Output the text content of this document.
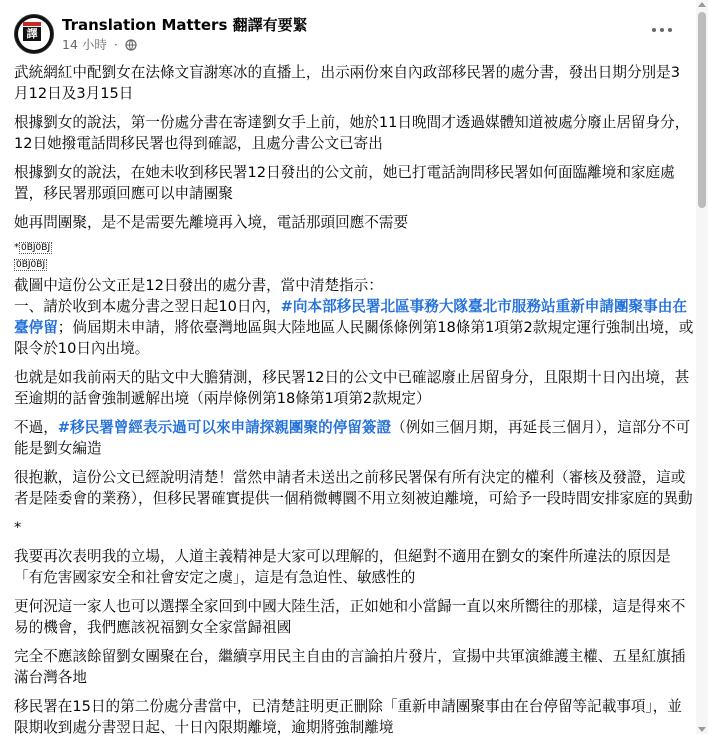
譯 Translation Matters 翻譯有要緊
14 小時 ·

武統網紅中配劉女在法條文盲謝寒冰的直播上，出示兩份來自內政部移民署的處分書，發出日期分別是3月12日及3月15日

根據劉女的說法，第一份處分書在寄達劉女手上前，她於11日晚間才透過媒體知道被處分廢止居留身分，12日她撥電話問移民署也得到確認，且處分書公文已寄出

根據劉女的說法，在她未收到移民署12日發出的公文前，她已打電話詢問移民署如何面臨離境和家庭處置，移民署那頭回應可以申請團聚

她再問團聚，是不是需要先離境再入境，電話那頭回應不需要

* 0BJ0BJ

0BJ0BJ

截圖中這份公文正是12日發出的處分書，當中清楚指示：
一、請於收到本處分書之翌日起10日內，#向本部移民署北區事務大隊臺北市服務站重新申請團聚事由在臺停留；倘屆期未申請，將依臺灣地區與大陸地區人民關係條例第18條第1項第2款規定運行強制出境，或限令於10日內出境。

也就是如我前兩天的貼文中大膽猜測，移民署12日的公文中已確認廢止居留身分，且限期十日內出境，甚至逾期的話會強制遞解出境（兩岸條例第18條第1項第2款規定）

不過，#移民署曾經表示過可以來申請探親團聚的停留簽證（例如三個月期，再延長三個月），這部分不可能是劉女編造

很抱歉，這份公文已經說明清楚！當然申請者未送出之前移民署保有所有決定的權利（審核及發證，這或者是陸委會的業務），但移民署確實提供一個稍微轉圜不用立刻被迫離境，可給予一段時間安排家庭的異動

*

我要再次表明我的立場，人道主義精神是大家可以理解的，但絕對不適用在劉女的案件所違法的原因是「有危害國家安全和社會安定之虞」，這是有急迫性、敏感性的

更何況這一家人也可以選擇全家回到中國大陸生活，正如她和小當歸一直以來所嚮往的那樣，這是得來不易的機會，我們應該祝福劉女全家當歸祖國

完全不應該餘留劉女團聚在台，繼續享用民主自由的言論拍片發片，宣揚中共軍演維護主權、五星紅旗插滿台灣各地

移民署在15日的第二份處分書當中，已清楚註明更正刪除「重新申請團聚事由在台停留等記載事項」，並限期收到處分書翌日起、十日內限期離境，逾期將強制離境
